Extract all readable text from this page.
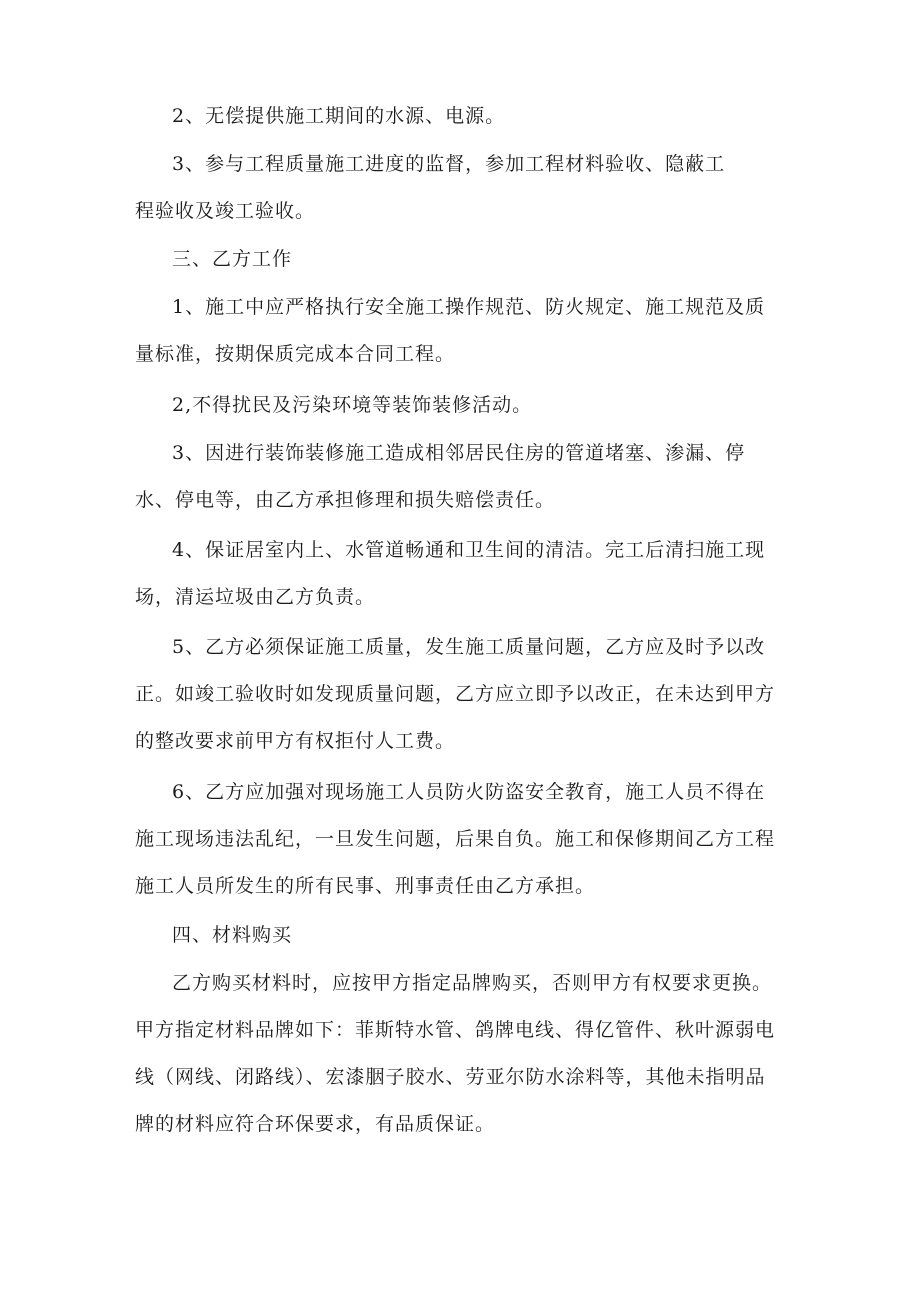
2、无偿提供施工期间的水源、电源。

3、参与工程质量施工进度的监督，参加工程材料验收、隐蔽工
程验收及竣工验收。

三、乙方工作

1、施工中应严格执行安全施工操作规范、防火规定、施工规范及质
量标准，按期保质完成本合同工程。

2,不得扰民及污染环境等装饰装修活动。

3、因进行装饰装修施工造成相邻居民住房的管道堵塞、渗漏、停
水、停电等，由乙方承担修理和损失赔偿责任。

4、保证居室内上、水管道畅通和卫生间的清洁。完工后清扫施工现
场，清运垃圾由乙方负责。

5、乙方必须保证施工质量，发生施工质量问题，乙方应及时予以改
正。如竣工验收时如发现质量问题，乙方应立即予以改正，在未达到甲方
的整改要求前甲方有权拒付人工费。

6、乙方应加强对现场施工人员防火防盗安全教育，施工人员不得在
施工现场违法乱纪，一旦发生问题，后果自负。施工和保修期间乙方工程
施工人员所发生的所有民事、刑事责任由乙方承担。

四、材料购买

乙方购买材料时，应按甲方指定品牌购买，否则甲方有权要求更换。
甲方指定材料品牌如下：菲斯特水管、鸽牌电线、得亿管件、秋叶源弱电
线（网线、闭路线）、宏漆胭子胶水、劳亚尔防水涂料等，其他未指明品
牌的材料应符合环保要求，有品质保证。
